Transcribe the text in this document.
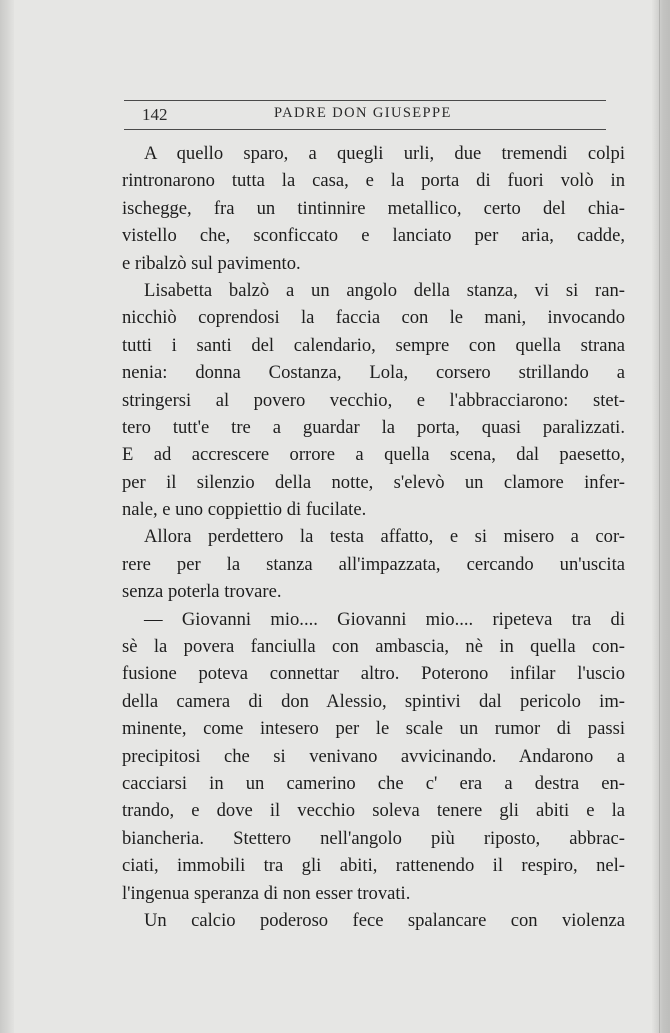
142	PADRE DON GIUSEPPE
A quello sparo, a quegli urli, due tremendi colpi
rintronarono tutta la casa, e la porta di fuori volò in
ischegge, fra un tintinnire metallico, certo del chia-
vistello che, sconficcato e lanciato per aria, cadde,
e ribalzò sul pavimento.
Lisabetta balzò a un angolo della stanza, vi si ran-
nicchiò coprendosi la faccia con le mani, invocando
tutti i santi del calendario, sempre con quella strana
nenia: donna Costanza, Lola, corsero strillando a
stringersi al povero vecchio, e l'abbracciarono: stet-
tero tutt'e tre a guardar la porta, quasi paralizzati.
E ad accrescere orrore a quella scena, dal paesetto,
per il silenzio della notte, s'elevò un clamore infer-
nale, e uno coppiettio di fucilate.
Allora perdettero la testa affatto, e si misero a cor-
rere per la stanza all'impazzata, cercando un'uscita
senza poterla trovare.
— Giovanni mio.... Giovanni mio.... ripeteva tra di
sè la povera fanciulla con ambascia, nè in quella con-
fusione poteva connettar altro. Poterono infilar l'uscio
della camera di don Alessio, spintivi dal pericolo im-
minente, come intesero per le scale un rumor di passi
precipitosi che si venivano avvicinando. Andarono a
cacciarsi in un camerino che c' era a destra en-
trando, e dove il vecchio soleva tenere gli abiti e la
biancheria. Stettero nell'angolo più riposto, abbrac-
ciati, immobili tra gli abiti, rattenendo il respiro, nel-
l'ingenua speranza di non esser trovati.
Un calcio poderoso fece spalancare con violenza
